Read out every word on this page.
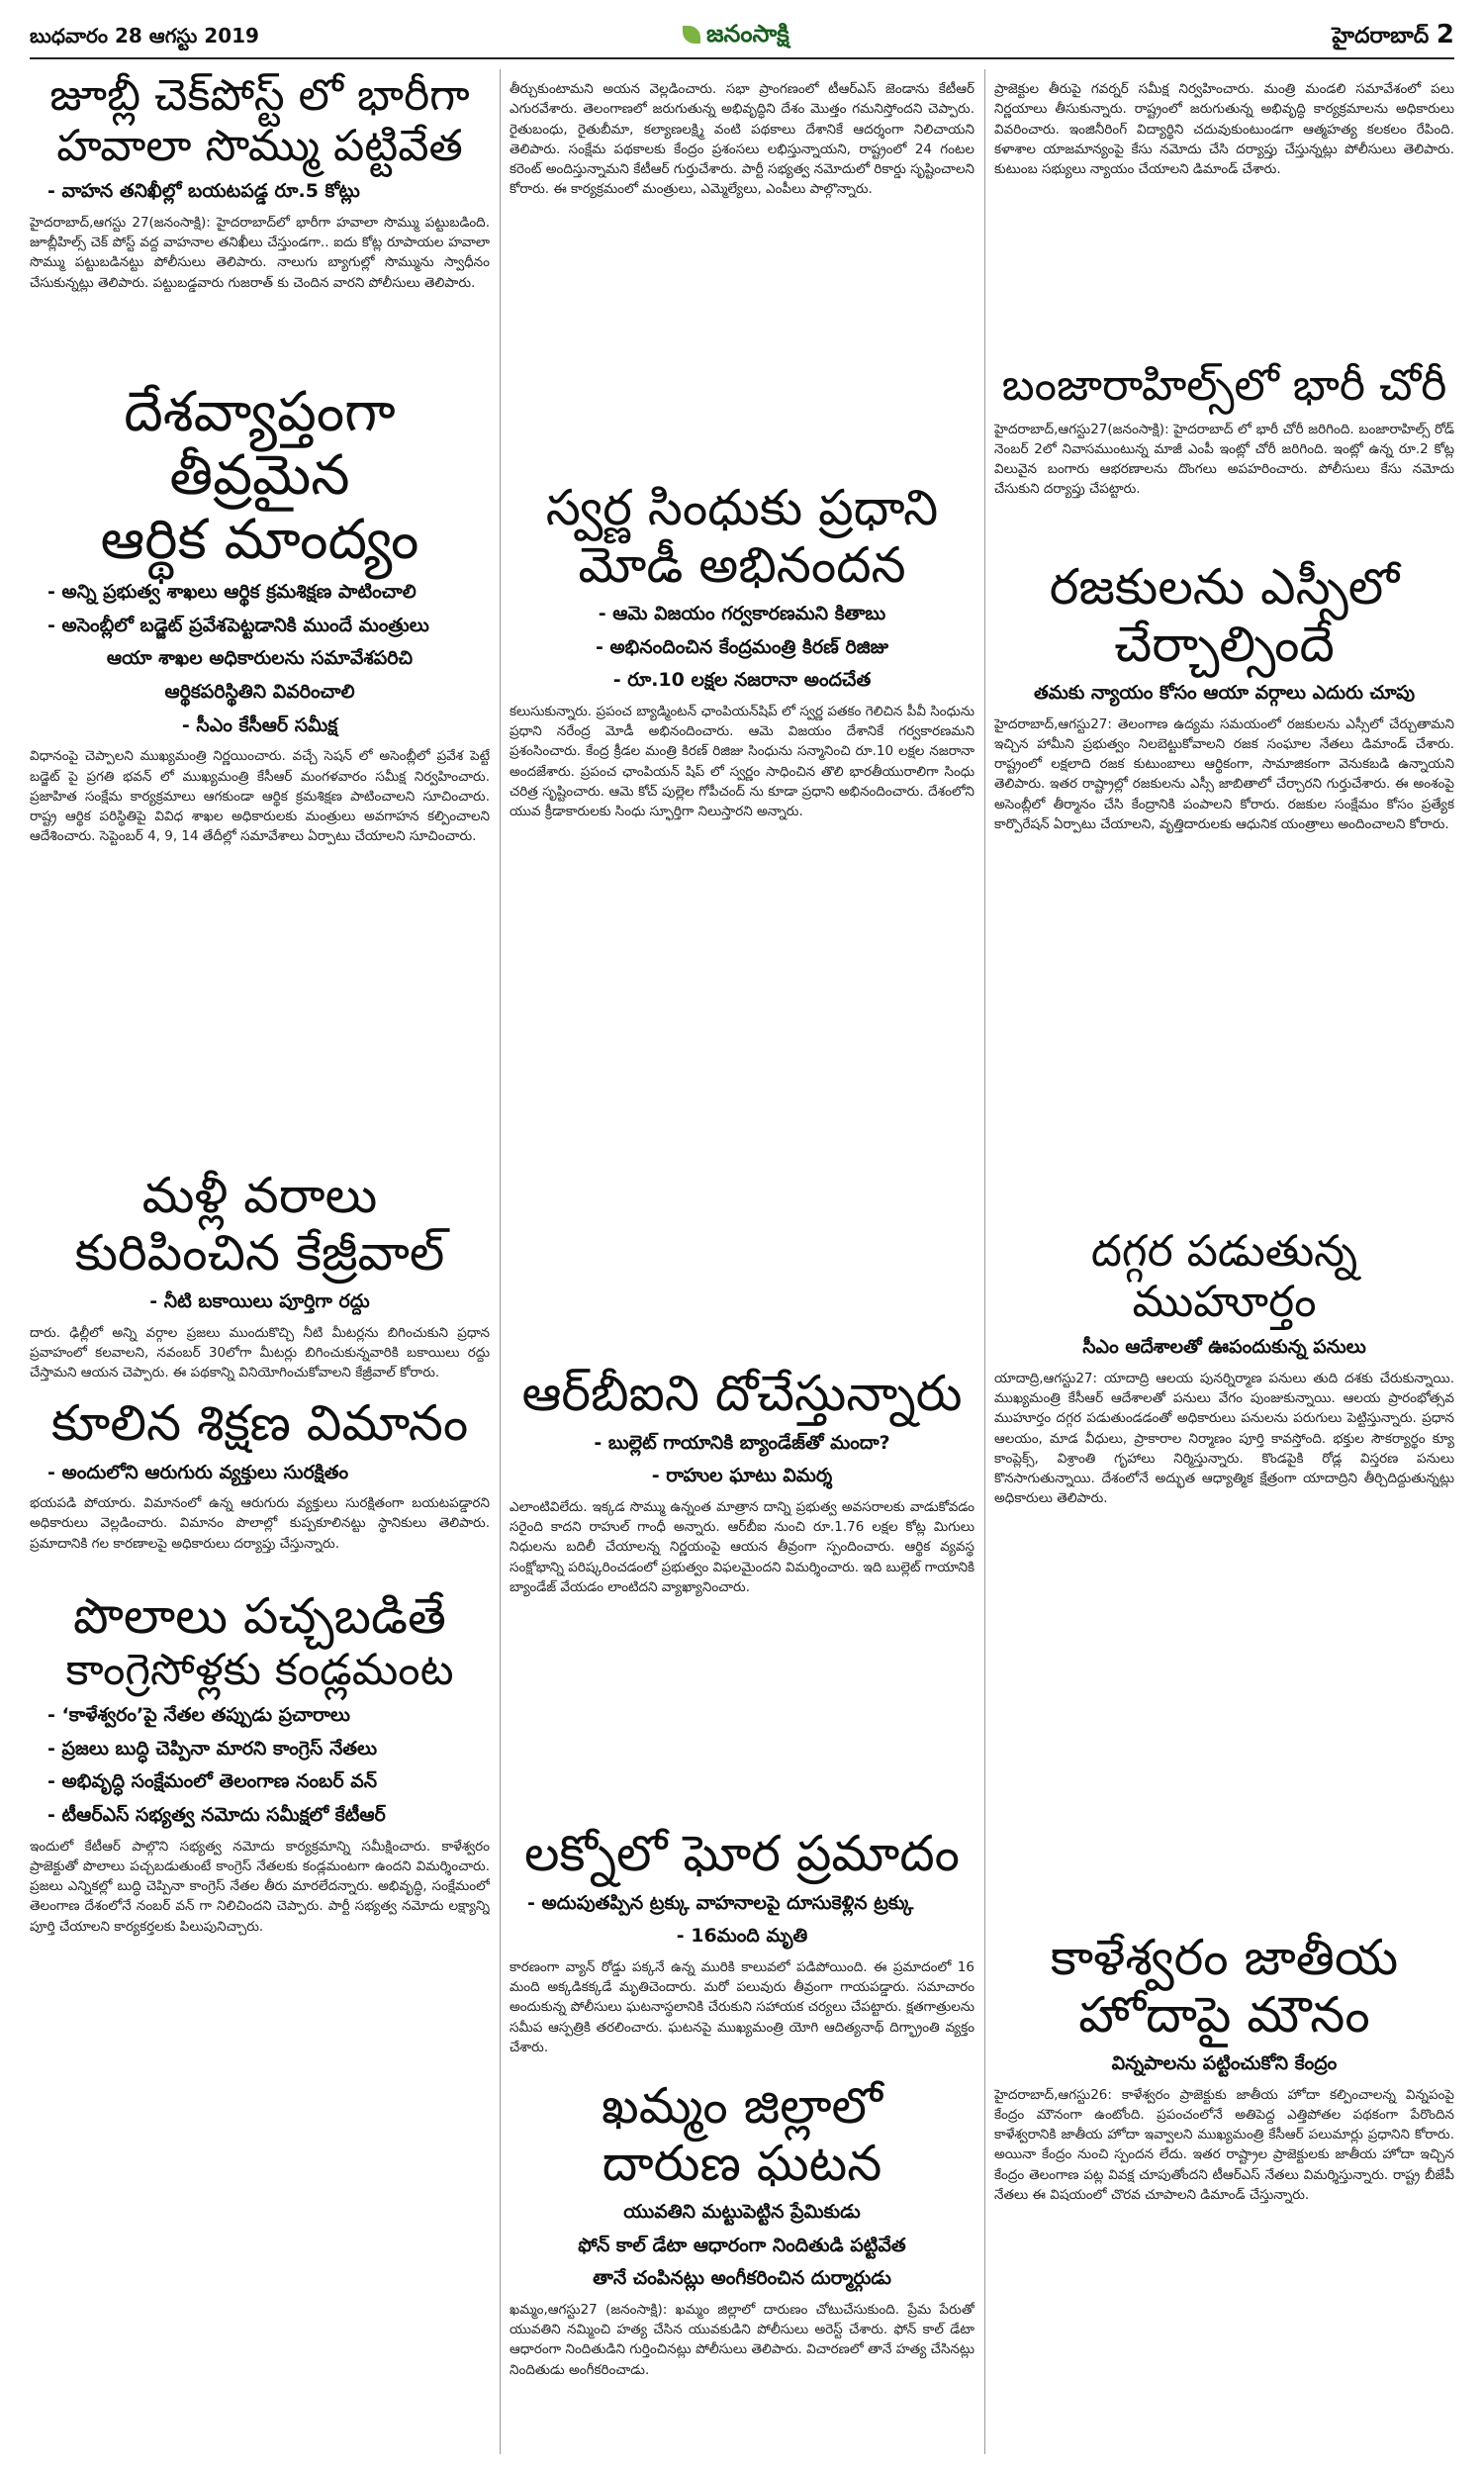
బుధవారం 28 ఆగస్టు 2019	జనంసాక్షి	హైదరాబాద్ 2
జూబ్లీ చెక్‌పోస్ట్‌ లో భారీగా
హవాలా సొమ్ము పట్టివేత
- వాహన తనిఖీల్లో బయటపడ్డ రూ.5 కోట్లు
హైదరాబాద్‌,ఆగస్టు 27(జనంసాక్షి): హైదరాబాద్‌లో భారీగా హవాలా సొమ్ము పట్టుబడింది. జూబ్లీహిల్స్‌ చెక్‌ పోస్ట్‌ వద్ద వాహనాల తనిఖీలు చేస్తుండగా.. ఐదు కోట్ల రూపాయల హవాలా సొమ్ము పట్టుబడినట్టు పోలీసులు తెలిపారు. నాలుగు బ్యాగుల్లో సొమ్మును స్వాధీనం చేసుకున్నట్లు తెలిపారు. పట్టుబడ్డవారు గుజరాత్‌ కు చెందిన వారని పోలీసులు తెలిపారు.
దేశవ్యాప్తంగా తీవ్రమైన
ఆర్థిక మాంద్యం
- అన్ని ప్రభుత్వ శాఖలు ఆర్థిక క్రమశిక్షణ పాటించాలి
- అసెంబ్లీలో బడ్జెట్‌ ప్రవేశపెట్టడానికి ముందే మంత్రులు
ఆయా శాఖల అధికారులను సమావేశపరిచి
ఆర్థికపరిస్థితిని వివరించాలి
- సీఎం కేసీఆర్‌ సమీక్ష
విధానంపై చెప్పాలని ముఖ్యమంత్రి నిర్ణయించారు. వచ్చే సెషన్‌ లో అసెంబ్లీలో ప్రవేశ పెట్టే బడ్జెట్‌ పై ప్రగతి భవన్‌ లో ముఖ్యమంత్రి కేసీఆర్‌ మంగళవారం సమీక్ష నిర్వహించారు. ప్రజాహిత సంక్షేమ కార్యక్రమాలు ఆగకుండా ఆర్థిక క్రమశిక్షణ పాటించాలని సూచించారు. రాష్ట్ర ఆర్థిక పరిస్థితిపై వివిధ శాఖల అధికారులకు మంత్రులు అవగాహన కల్పించాలని ఆదేశించారు. సెప్టెంబర్‌ 4, 9, 14 తేదీల్లో సమావేశాలు ఏర్పాటు చేయాలని సూచించారు.
మళ్లీ వరాలు
కురిపించిన కేజ్రీవాల్‌
- నీటి బకాయిలు పూర్తిగా రద్దు
దారు. ఢిల్లీలో అన్ని వర్గాల ప్రజలు ముందుకొచ్చి నీటి మీటర్లను బిగించుకుని ప్రధాన ప్రవాహంలో కలవాలని, నవంబర్‌ 30లోగా మీటర్లు బిగించుకున్నవారికి బకాయిలు రద్దు చేస్తామని ఆయన చెప్పారు. ఈ పథకాన్ని వినియోగించుకోవాలని కేజ్రీవాల్‌ కోరారు.
కూలిన శిక్షణ విమానం
- అందులోని ఆరుగురు వ్యక్తులు సురక్షితం
భయపడి పోయారు. విమానంలో ఉన్న ఆరుగురు వ్యక్తులు సురక్షితంగా బయటపడ్డారని అధికారులు వెల్లడించారు. విమానం పొలాల్లో కుప్పకూలినట్టు స్థానికులు తెలిపారు. ప్రమాదానికి గల కారణాలపై అధికారులు దర్యాప్తు చేస్తున్నారు.
పొలాలు పచ్చబడితే
కాంగ్రెసోళ్లకు కండ్లమంట
- ‘కాళేశ్వరం’పై నేతల తప్పుడు ప్రచారాలు
- ప్రజలు బుద్ధి చెప్పినా మారని కాంగ్రెస్‌ నేతలు
- అభివృద్ధి సంక్షేమంలో తెలంగాణ నంబర్‌ వన్‌
- టీఆర్‌ఎస్‌ సభ్యత్వ నమోదు సమీక్షలో కేటీఆర్‌
ఇందులో కేటీఆర్‌ పాల్గొని సభ్యత్వ నమోదు కార్యక్రమాన్ని సమీక్షించారు. కాళేశ్వరం ప్రాజెక్టుతో పొలాలు పచ్చబడుతుంటే కాంగ్రెస్‌ నేతలకు కండ్లమంటగా ఉందని విమర్శించారు. ప్రజలు ఎన్నికల్లో బుద్ధి చెప్పినా కాంగ్రెస్‌ నేతల తీరు మారలేదన్నారు. అభివృద్ధి, సంక్షేమంలో తెలంగాణ దేశంలోనే నంబర్‌ వన్‌ గా నిలిచిందని చెప్పారు. పార్టీ సభ్యత్వ నమోదు లక్ష్యాన్ని పూర్తి చేయాలని కార్యకర్తలకు పిలుపునిచ్చారు.
తీర్చుకుంటామని అయన వెల్లడించారు. సభా ప్రాంగణంలో టీఆర్‌ఎస్‌ జెండాను కేటీఆర్‌ ఎగురవేశారు. తెలంగాణలో జరుగుతున్న అభివృద్ధిని దేశం మొత్తం గమనిస్తోందని చెప్పారు. రైతుబంధు, రైతుబీమా, కల్యాణలక్ష్మి వంటి పథకాలు దేశానికే ఆదర్శంగా నిలిచాయని తెలిపారు. సంక్షేమ పథకాలకు కేంద్రం ప్రశంసలు లభిస్తున్నాయని, రాష్ట్రంలో 24 గంటల కరెంట్‌ అందిస్తున్నామని కేటీఆర్‌ గుర్తుచేశారు. పార్టీ సభ్యత్వ నమోదులో రికార్డు సృష్టించాలని కోరారు. ఈ కార్యక్రమంలో మంత్రులు, ఎమ్మెల్యేలు, ఎంపీలు పాల్గొన్నారు.
స్వర్ణ సింధుకు ప్రధాని
మోడీ అభినందన
- ఆమె విజయం గర్వకారణమని కితాబు
- అభినందించిన కేంద్రమంత్రి కిరణ్‌ రిజిజు
- రూ.10 లక్షల నజరానా అందచేత
కలుసుకున్నారు. ప్రపంచ బ్యాడ్మింటన్‌ ఛాంపియన్‌షిప్‌ లో స్వర్ణ పతకం గెలిచిన పీవీ సింధును ప్రధాని నరేంద్ర మోడీ అభినందించారు. ఆమె విజయం దేశానికే గర్వకారణమని ప్రశంసించారు. కేంద్ర క్రీడల మంత్రి కిరణ్‌ రిజిజు సింధును సన్మానించి రూ.10 లక్షల నజరానా అందజేశారు. ప్రపంచ ఛాంపియన్‌ షిప్‌ లో స్వర్ణం సాధించిన తొలి భారతీయురాలిగా సింధు చరిత్ర సృష్టించారు. ఆమె కోచ్‌ పుల్లెల గోపీచంద్‌ ను కూడా ప్రధాని అభినందించారు. దేశంలోని యువ క్రీడాకారులకు సింధు స్ఫూర్తిగా నిలుస్తారని అన్నారు.
ఆర్‌బీఐని దోచేస్తున్నారు
- బుల్లెట్‌ గాయానికి బ్యాండేజ్‌తో మందా?
- రాహుల ఘాటు విమర్శ
ఎలాంటివిలేదు. ఇక్కడ సొమ్ము ఉన్నంత మాత్రాన దాన్ని ప్రభుత్వ అవసరాలకు వాడుకోవడం సరైంది కాదని రాహుల్‌ గాంధీ అన్నారు. ఆర్‌బీఐ నుంచి రూ.1.76 లక్షల కోట్ల మిగులు నిధులను బదిలీ చేయాలన్న నిర్ణయంపై ఆయన తీవ్రంగా స్పందించారు. ఆర్థిక వ్యవస్థ సంక్షోభాన్ని పరిష్కరించడంలో ప్రభుత్వం విఫలమైందని విమర్శించారు. ఇది బుల్లెట్‌ గాయానికి బ్యాండేజ్‌ వేయడం లాంటిదని వ్యాఖ్యానించారు.
లక్నోలో ఘోర ప్రమాదం
- అదుపుతప్పిన ట్రక్కు వాహనాలపై దూసుకెళ్లిన ట్రక్కు
- 16మంది మృతి
కారణంగా వ్యాన్‌ రోడ్డు పక్కనే ఉన్న మురికి కాలువలో పడిపోయింది. ఈ ప్రమాదంలో 16 మంది అక్కడికక్కడే మృతిచెందారు. మరో పలువురు తీవ్రంగా గాయపడ్డారు. సమాచారం అందుకున్న పోలీసులు ఘటనాస్థలానికి చేరుకుని సహాయక చర్యలు చేపట్టారు. క్షతగాత్రులను సమీప ఆస్పత్రికి తరలించారు. ఘటనపై ముఖ్యమంత్రి యోగి ఆదిత్యనాథ్‌ దిగ్భ్రాంతి వ్యక్తం చేశారు.
ఖమ్మం జిల్లాలో
దారుణ ఘటన
యువతిని మట్టుపెట్టిన ప్రేమికుడు
ఫోన్‌ కాల్‌ డేటా ఆధారంగా నిందితుడి పట్టివేత
తానే చంపినట్లు అంగీకరించిన దుర్మార్గుడు
ఖమ్మం,ఆగస్టు27 (జనంసాక్షి): ఖమ్మం జిల్లాలో దారుణం చోటుచేసుకుంది. ప్రేమ పేరుతో యువతిని నమ్మించి హత్య చేసిన యువకుడిని పోలీసులు అరెస్ట్‌ చేశారు. ఫోన్‌ కాల్‌ డేటా ఆధారంగా నిందితుడిని గుర్తించినట్లు పోలీసులు తెలిపారు. విచారణలో తానే హత్య చేసినట్లు నిందితుడు అంగీకరించాడు.
ప్రాజెక్టుల తీరుపై గవర్నర్‌ సమీక్ష నిర్వహించారు. మంత్రి మండలి సమావేశంలో పలు నిర్ణయాలు తీసుకున్నారు. రాష్ట్రంలో జరుగుతున్న అభివృద్ధి కార్యక్రమాలను అధికారులు వివరించారు. ఇంజినీరింగ్‌ విద్యార్థిని చదువుకుంటుండగా ఆత్మహత్య కలకలం రేపింది. కళాశాల యాజమాన్యంపై కేసు నమోదు చేసి దర్యాప్తు చేస్తున్నట్లు పోలీసులు తెలిపారు. కుటుంబ సభ్యులు న్యాయం చేయాలని డిమాండ్‌ చేశారు.
బంజారాహిల్స్‌లో భారీ చోరీ
హైదరాబాద్‌,ఆగస్టు27(జనంసాక్షి): హైదరాబాద్‌ లో భారీ చోరీ జరిగింది. బంజారాహిల్స్‌ రోడ్‌ నెంబర్‌ 2లో నివాసముంటున్న మాజీ ఎంపీ ఇంట్లో చోరీ జరిగింది. ఇంట్లో ఉన్న రూ.2 కోట్ల విలువైన బంగారు ఆభరణాలను దొంగలు అపహరించారు. పోలీసులు కేసు నమోదు చేసుకుని దర్యాప్తు చేపట్టారు.
రజకులను ఎస్సీలో
చేర్చాల్సిందే
తమకు న్యాయం కోసం ఆయా వర్గాలు ఎదురు చూపు
హైదరాబాద్‌,ఆగస్టు27: తెలంగాణ ఉద్యమ సమయంలో రజకులను ఎస్సీలో చేర్చుతామని ఇచ్చిన హామీని ప్రభుత్వం నిలబెట్టుకోవాలని రజక సంఘాల నేతలు డిమాండ్‌ చేశారు. రాష్ట్రంలో లక్షలాది రజక కుటుంబాలు ఆర్థికంగా, సామాజికంగా వెనుకబడి ఉన్నాయని తెలిపారు. ఇతర రాష్ట్రాల్లో రజకులను ఎస్సీ జాబితాలో చేర్చారని గుర్తుచేశారు. ఈ అంశంపై అసెంబ్లీలో తీర్మానం చేసి కేంద్రానికి పంపాలని కోరారు. రజకుల సంక్షేమం కోసం ప్రత్యేక కార్పొరేషన్‌ ఏర్పాటు చేయాలని, వృత్తిదారులకు ఆధునిక యంత్రాలు అందించాలని కోరారు.
దగ్గర పడుతున్న ముహూర్తం
సీఎం ఆదేశాలతో ఊపందుకున్న పనులు
యాదాద్రి,ఆగస్టు27: యాదాద్రి ఆలయ పునర్నిర్మాణ పనులు తుది దశకు చేరుకున్నాయి. ముఖ్యమంత్రి కేసీఆర్‌ ఆదేశాలతో పనులు వేగం పుంజుకున్నాయి. ఆలయ ప్రారంభోత్సవ ముహూర్తం దగ్గర పడుతుండడంతో అధికారులు పనులను పరుగులు పెట్టిస్తున్నారు. ప్రధాన ఆలయం, మాడ వీధులు, ప్రాకారాల నిర్మాణం పూర్తి కావస్తోంది. భక్తుల సౌకర్యార్థం క్యూ కాంప్లెక్స్‌, విశ్రాంతి గృహాలు నిర్మిస్తున్నారు. కొండపైకి రోడ్ల విస్తరణ పనులు కొనసాగుతున్నాయి. దేశంలోనే అద్భుత ఆధ్యాత్మిక క్షేత్రంగా యాదాద్రిని తీర్చిదిద్దుతున్నట్లు అధికారులు తెలిపారు.
కాళేశ్వరం జాతీయ
హోదాపై మౌనం
విన్నపాలను పట్టించుకోని కేంద్రం
హైదరాబాద్‌,ఆగస్టు26: కాళేశ్వరం ప్రాజెక్టుకు జాతీయ హోదా కల్పించాలన్న విన్నపంపై కేంద్రం మౌనంగా ఉంటోంది. ప్రపంచంలోనే అతిపెద్ద ఎత్తిపోతల పథకంగా పేరొందిన కాళేశ్వరానికి జాతీయ హోదా ఇవ్వాలని ముఖ్యమంత్రి కేసీఆర్‌ పలుమార్లు ప్రధానిని కోరారు. అయినా కేంద్రం నుంచి స్పందన లేదు. ఇతర రాష్ట్రాల ప్రాజెక్టులకు జాతీయ హోదా ఇచ్చిన కేంద్రం తెలంగాణ పట్ల వివక్ష చూపుతోందని టీఆర్‌ఎస్‌ నేతలు విమర్శిస్తున్నారు. రాష్ట్ర బీజేపీ నేతలు ఈ విషయంలో చొరవ చూపాలని డిమాండ్‌ చేస్తున్నారు.
